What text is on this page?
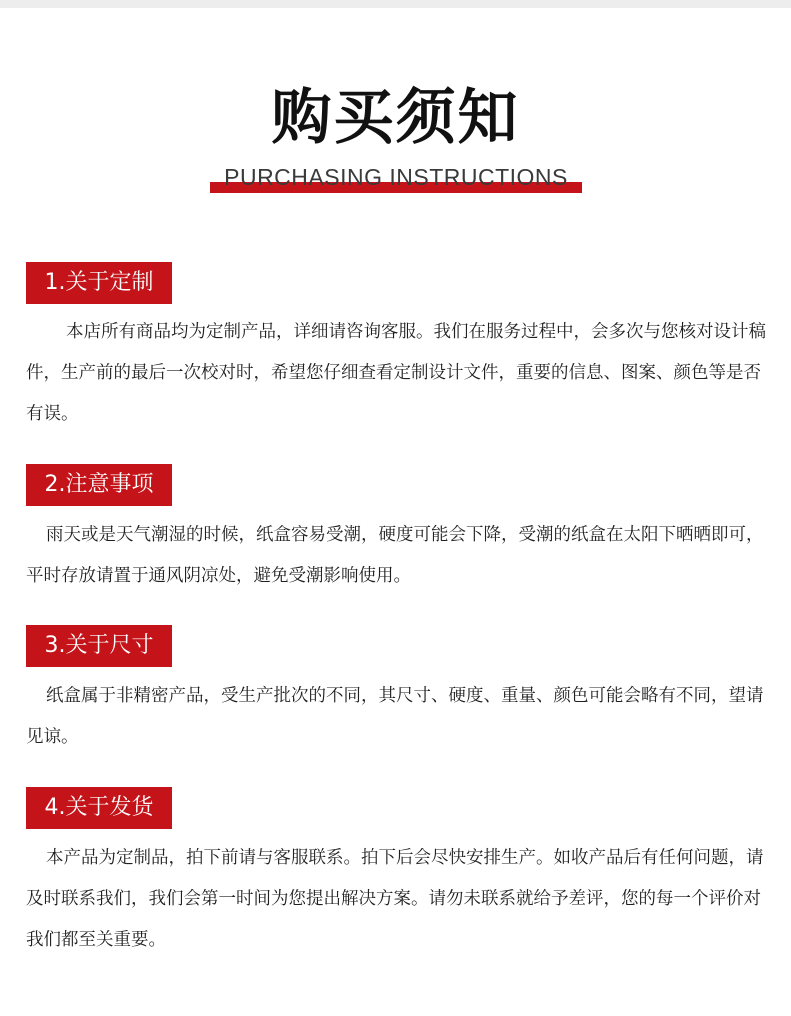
购买须知
PURCHASING INSTRUCTIONS
1.关于定制

本店所有商品均为定制产品，详细请咨询客服。我们在服务过程中，会多次与您核对设计稿件，生产前的最后一次校对时，希望您仔细查看定制设计文件，重要的信息、图案、颜色等是否有误。

2.注意事项

雨天或是天气潮湿的时候，纸盒容易受潮，硬度可能会下降，受潮的纸盒在太阳下晒晒即可，平时存放请置于通风阴凉处，避免受潮影响使用。

3.关于尺寸

纸盒属于非精密产品，受生产批次的不同，其尺寸、硬度、重量、颜色可能会略有不同，望请见谅。

4.关于发货

本产品为定制品，拍下前请与客服联系。拍下后会尽快安排生产。如收产品后有任何问题，请及时联系我们，我们会第一时间为您提出解决方案。请勿未联系就给予差评，您的每一个评价对我们都至关重要。
